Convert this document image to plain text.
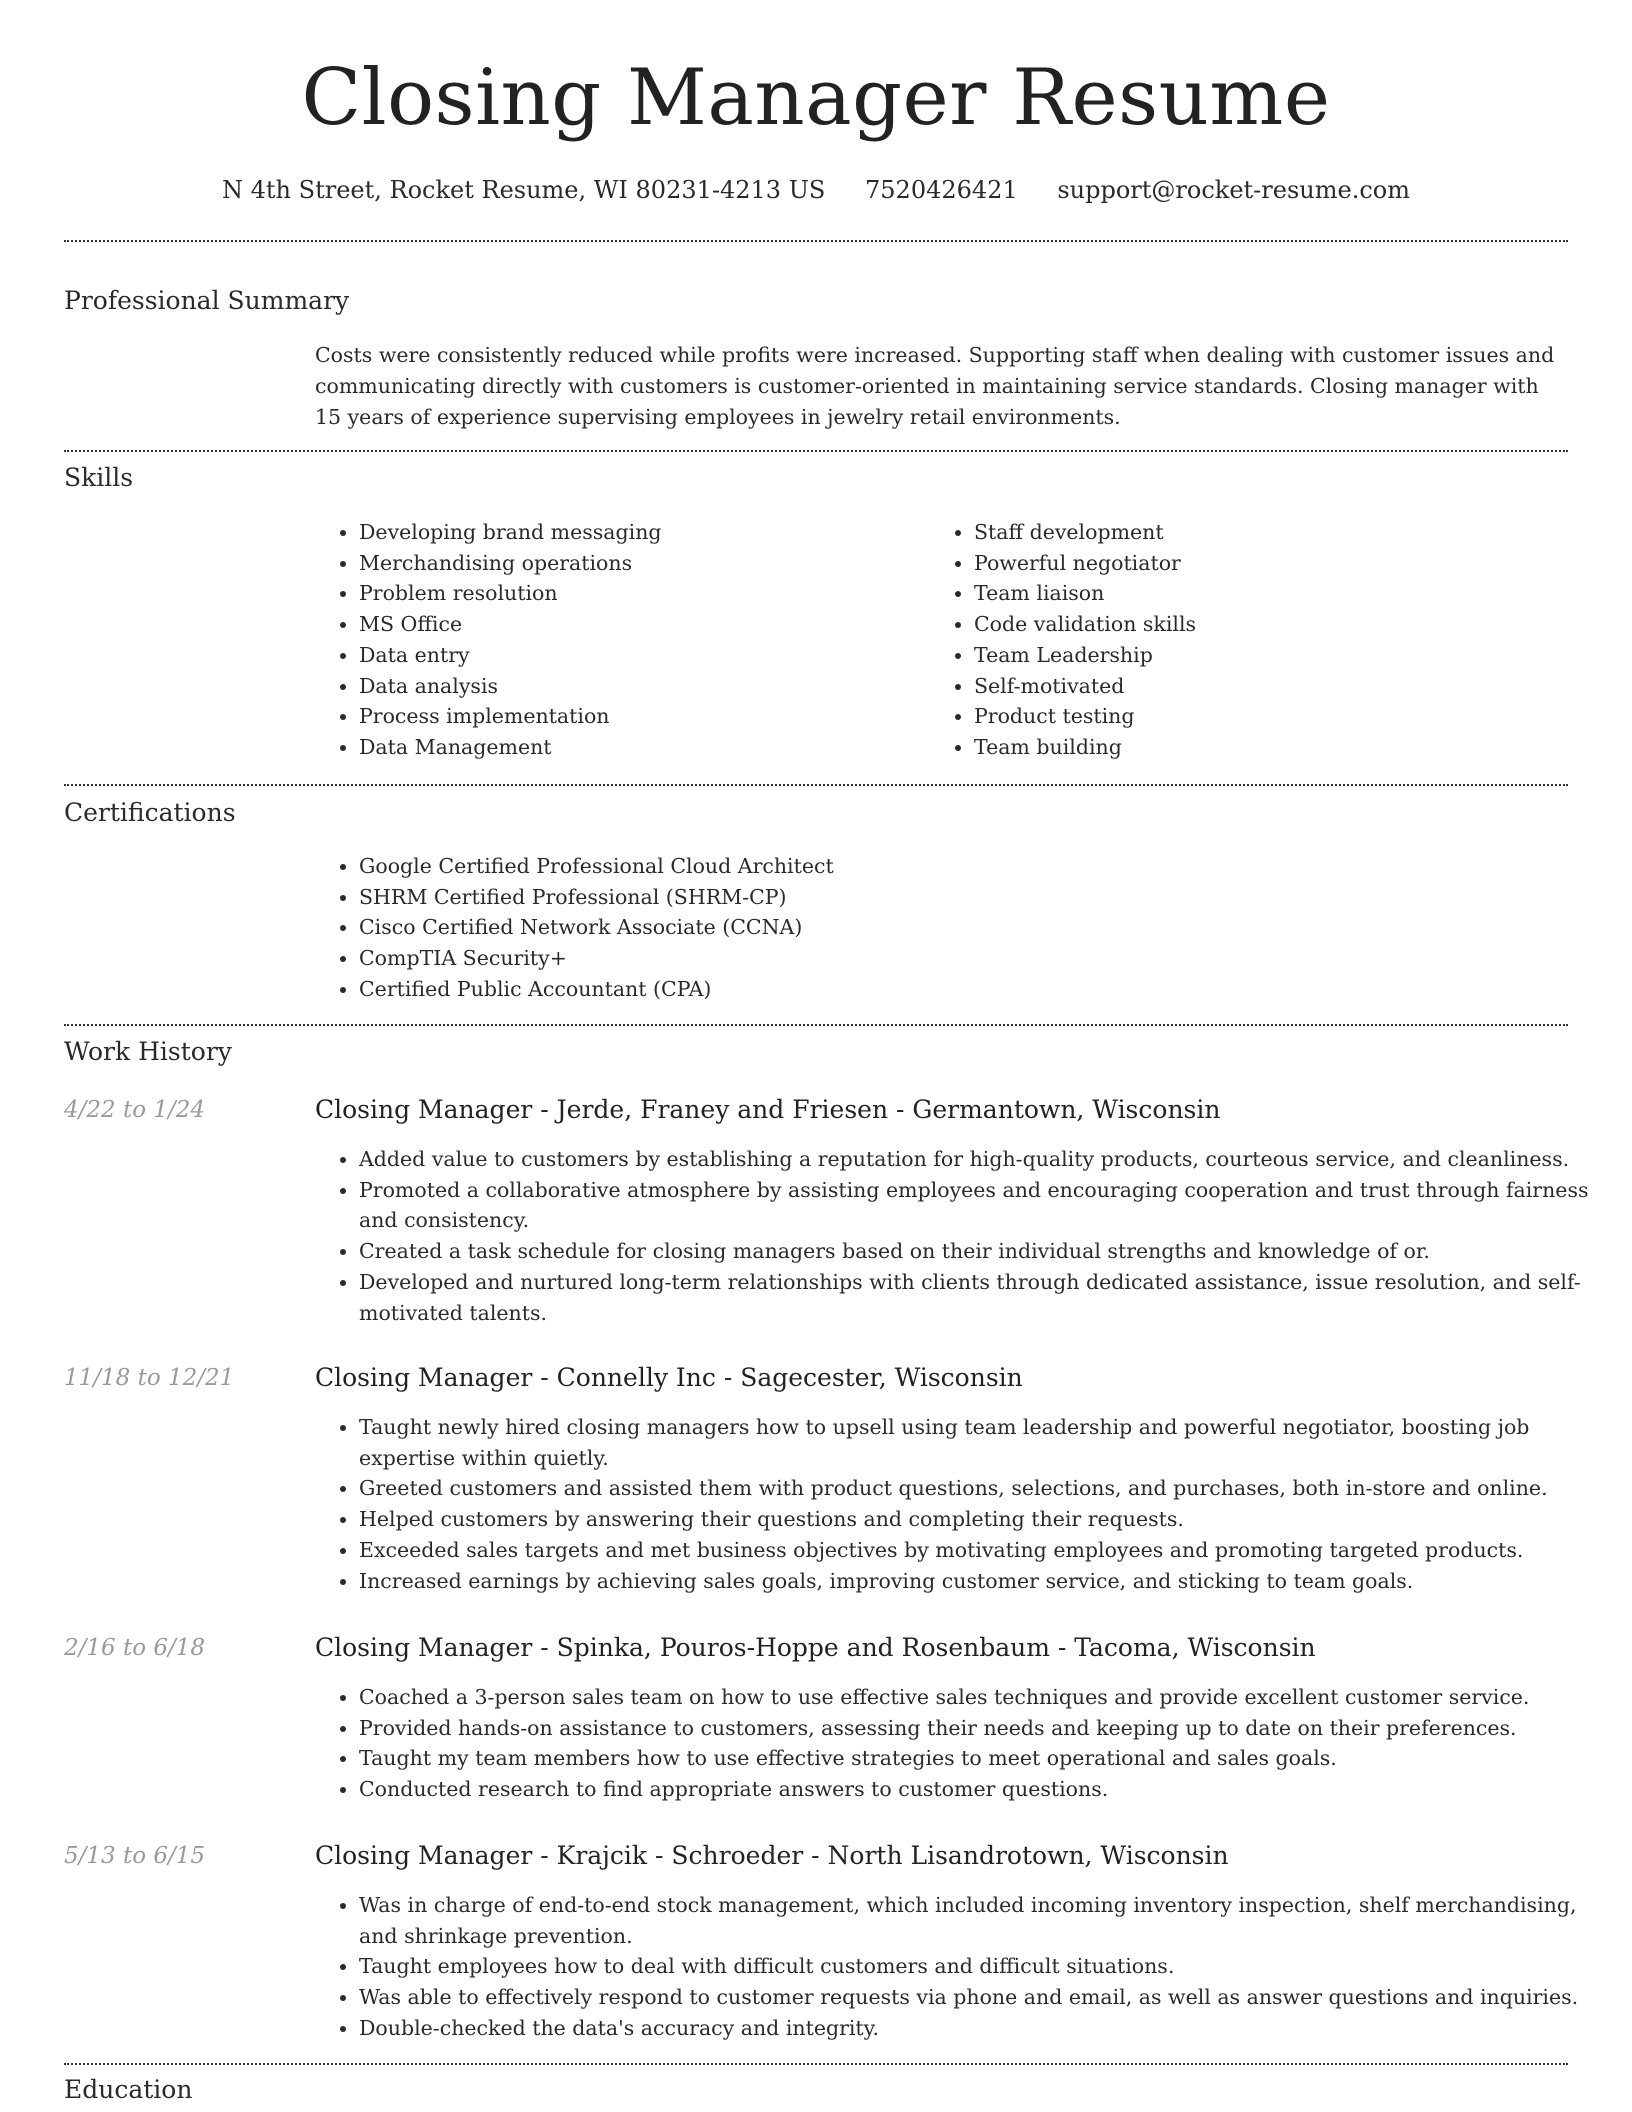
Closing Manager Resume
N 4th Street, Rocket Resume, WI 80231-4213 US 7520426421 support@rocket-resume.com
Professional Summary

Costs were consistently reduced while profits were increased. Supporting staff when dealing with customer issues and communicating directly with customers is customer-oriented in maintaining service standards. Closing manager with 15 years of experience supervising employees in jewelry retail environments.

Skills
• Developing brand messaging
• Merchandising operations
• Problem resolution
• MS Office
• Data entry
• Data analysis
• Process implementation
• Data Management
• Staff development
• Powerful negotiator
• Team liaison
• Code validation skills
• Team Leadership
• Self-motivated
• Product testing
• Team building
Certifications
• Google Certified Professional Cloud Architect
• SHRM Certified Professional (SHRM-CP)
• Cisco Certified Network Associate (CCNA)
• CompTIA Security+
• Certified Public Accountant (CPA)
Work History
4/22 to 1/24	Closing Manager - Jerde, Franey and Friesen - Germantown, Wisconsin
• Added value to customers by establishing a reputation for high-quality products, courteous service, and cleanliness.
• Promoted a collaborative atmosphere by assisting employees and encouraging cooperation and trust through fairness and consistency.
• Created a task schedule for closing managers based on their individual strengths and knowledge of or.
• Developed and nurtured long-term relationships with clients through dedicated assistance, issue resolution, and self-motivated talents.
11/18 to 12/21	Closing Manager - Connelly Inc - Sagecester, Wisconsin
• Taught newly hired closing managers how to upsell using team leadership and powerful negotiator, boosting job expertise within quietly.
• Greeted customers and assisted them with product questions, selections, and purchases, both in-store and online.
• Helped customers by answering their questions and completing their requests.
• Exceeded sales targets and met business objectives by motivating employees and promoting targeted products.
• Increased earnings by achieving sales goals, improving customer service, and sticking to team goals.
2/16 to 6/18	Closing Manager - Spinka, Pouros-Hoppe and Rosenbaum - Tacoma, Wisconsin
• Coached a 3-person sales team on how to use effective sales techniques and provide excellent customer service.
• Provided hands-on assistance to customers, assessing their needs and keeping up to date on their preferences.
• Taught my team members how to use effective strategies to meet operational and sales goals.
• Conducted research to find appropriate answers to customer questions.
5/13 to 6/15	Closing Manager - Krajcik - Schroeder - North Lisandrotown, Wisconsin
• Was in charge of end-to-end stock management, which included incoming inventory inspection, shelf merchandising, and shrinkage prevention.
• Taught employees how to deal with difficult customers and difficult situations.
• Was able to effectively respond to customer requests via phone and email, as well as answer questions and inquiries.
• Double-checked the data's accuracy and integrity.
Education
